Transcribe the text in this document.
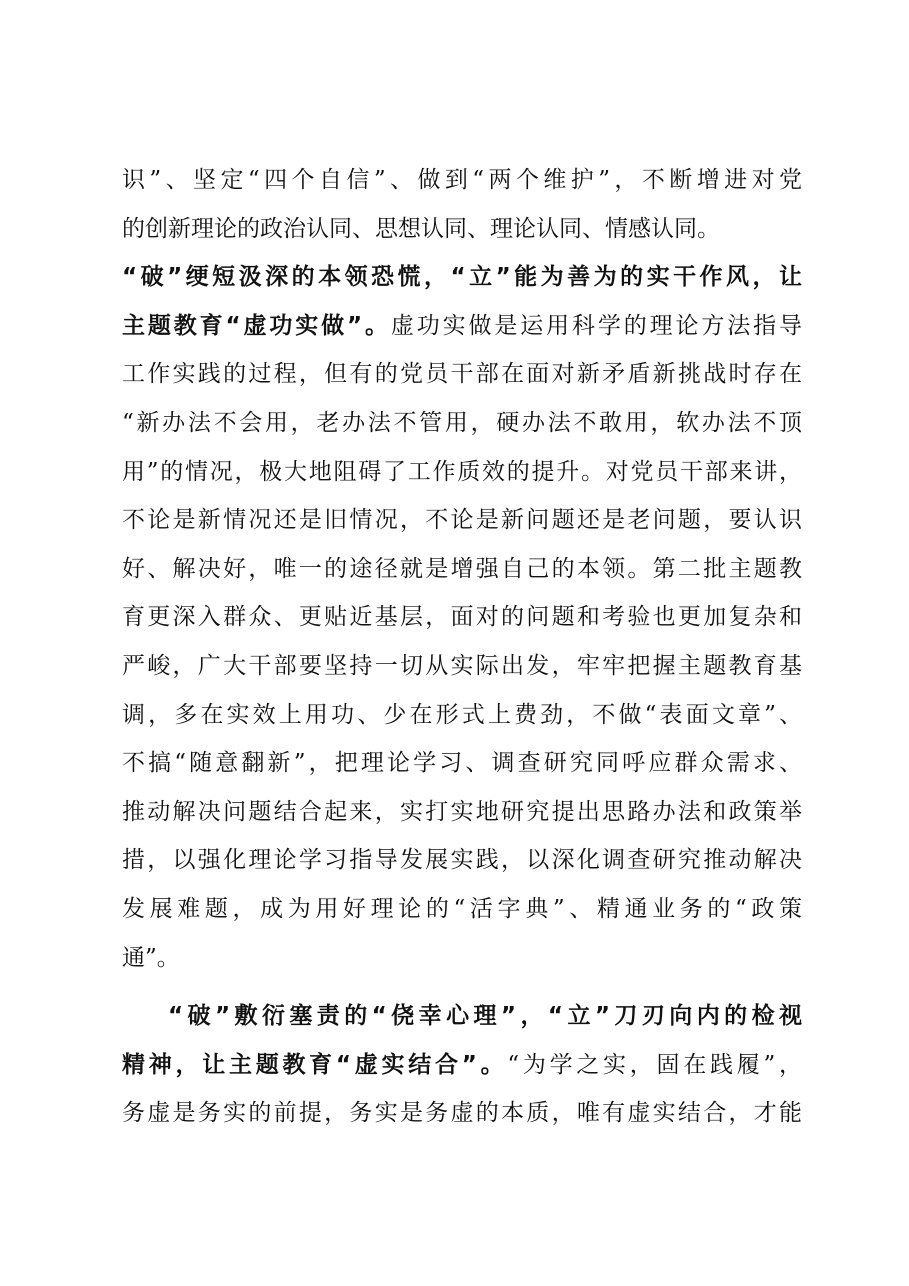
识”、坚定“四个自信”、做到“两个维护”，不断增进对党
的创新理论的政治认同、思想认同、理论认同、情感认同。
“破”绠短汲深的本领恐慌，“立”能为善为的实干作风，让
主题教育“虚功实做”。虚功实做是运用科学的理论方法指导
工作实践的过程，但有的党员干部在面对新矛盾新挑战时存在
“新办法不会用，老办法不管用，硬办法不敢用，软办法不顶
用”的情况，极大地阻碍了工作质效的提升。对党员干部来讲，
不论是新情况还是旧情况，不论是新问题还是老问题，要认识
好、解决好，唯一的途径就是增强自己的本领。第二批主题教
育更深入群众、更贴近基层，面对的问题和考验也更加复杂和
严峻，广大干部要坚持一切从实际出发，牢牢把握主题教育基
调，多在实效上用功、少在形式上费劲，不做“表面文章”、
不搞“随意翻新”，把理论学习、调查研究同呼应群众需求、
推动解决问题结合起来，实打实地研究提出思路办法和政策举
措，以强化理论学习指导发展实践，以深化调查研究推动解决
发展难题，成为用好理论的“活字典”、精通业务的“政策
通”。
“破”敷衍塞责的“侥幸心理”，“立”刀刃向内的检视
精神，让主题教育“虚实结合”。“为学之实，固在践履”，
务虚是务实的前提，务实是务虚的本质，唯有虚实结合，才能
